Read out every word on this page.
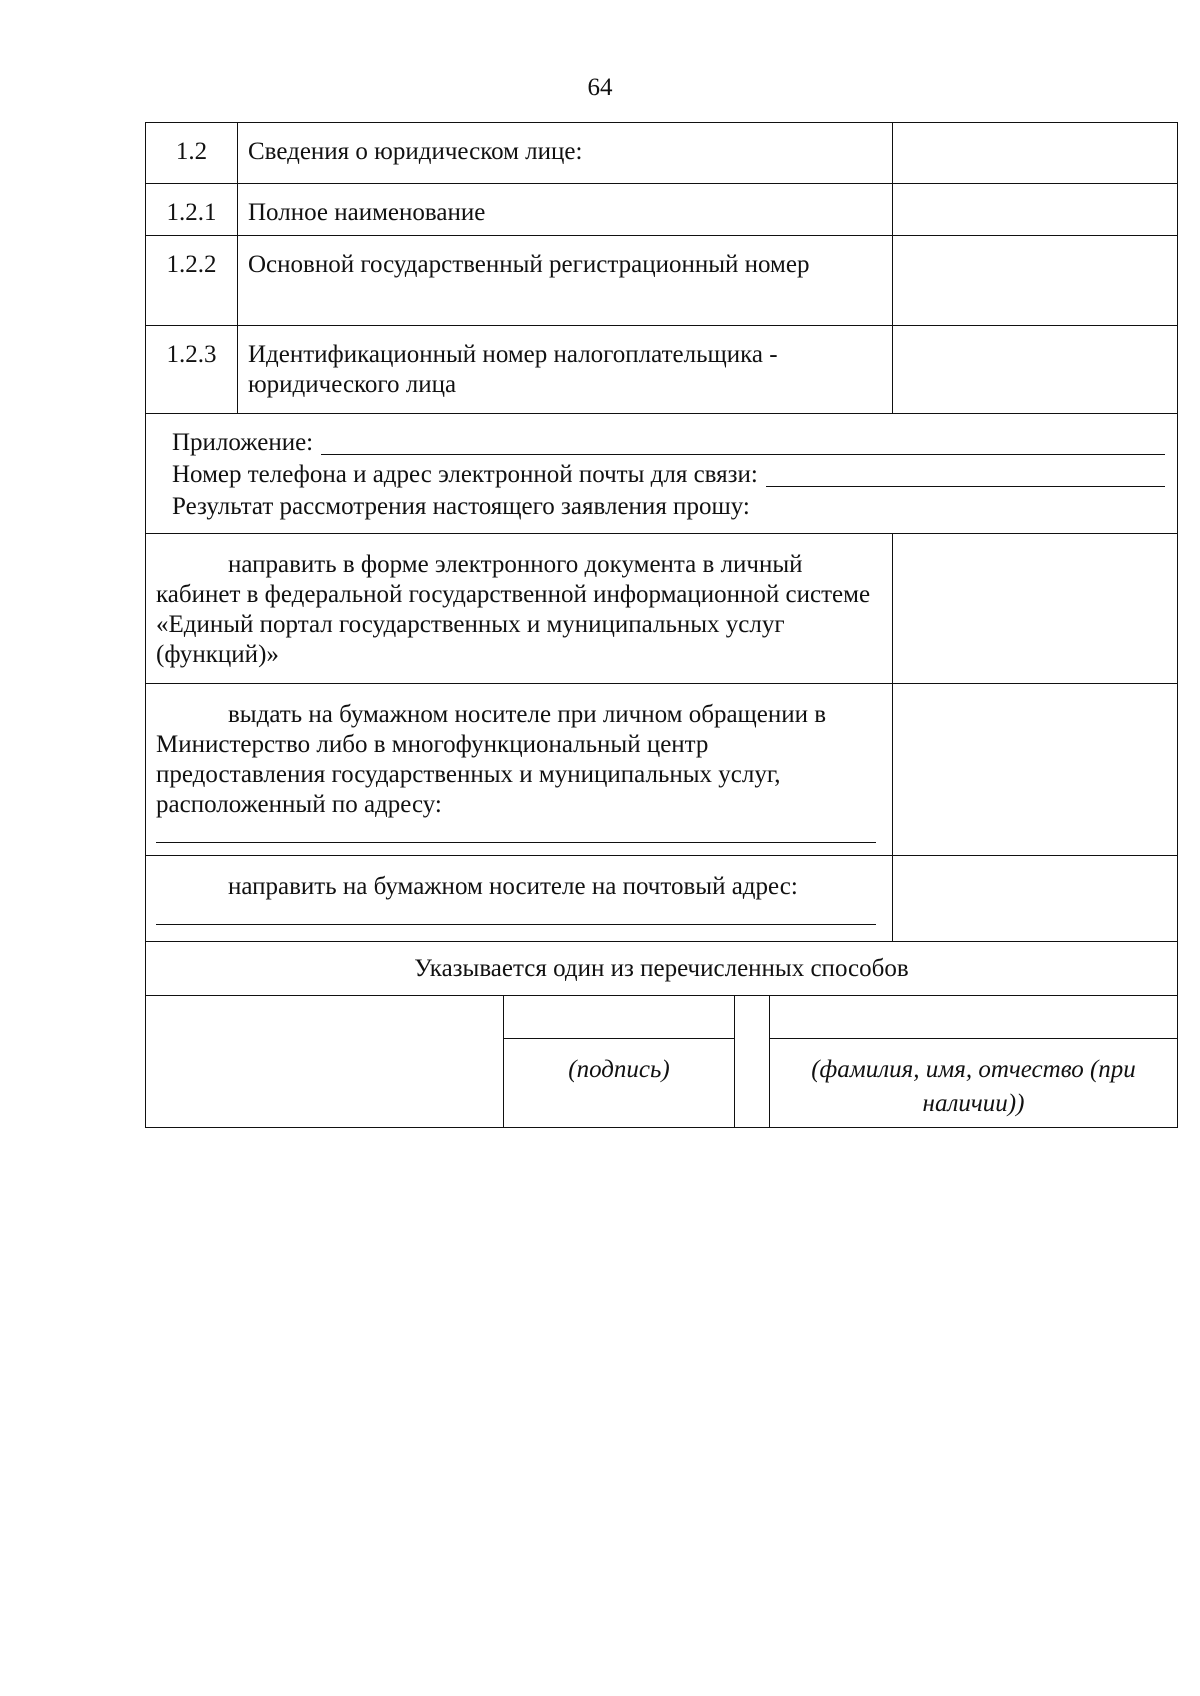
64
1.2	Сведения о юридическом лице:
1.2.1	Полное наименование
1.2.2	Основной государственный регистрационный номер
1.2.3	Идентификационный номер налогоплательщика - юридического лица
Приложение:
Номер телефона и адрес электронной почты для связи:
Результат рассмотрения настоящего заявления прошу:
направить в форме электронного документа в личный кабинет в федеральной государственной информационной системе «Единый портал государственных и муниципальных услуг (функций)»
выдать на бумажном носителе при личном обращении в Министерство либо в многофункциональный центр предоставления государственных и муниципальных услуг, расположенный по адресу:
направить на бумажном носителе на почтовый адрес:
Указывается один из перечисленных способов
(подпись)	(фамилия, имя, отчество (при наличии))
